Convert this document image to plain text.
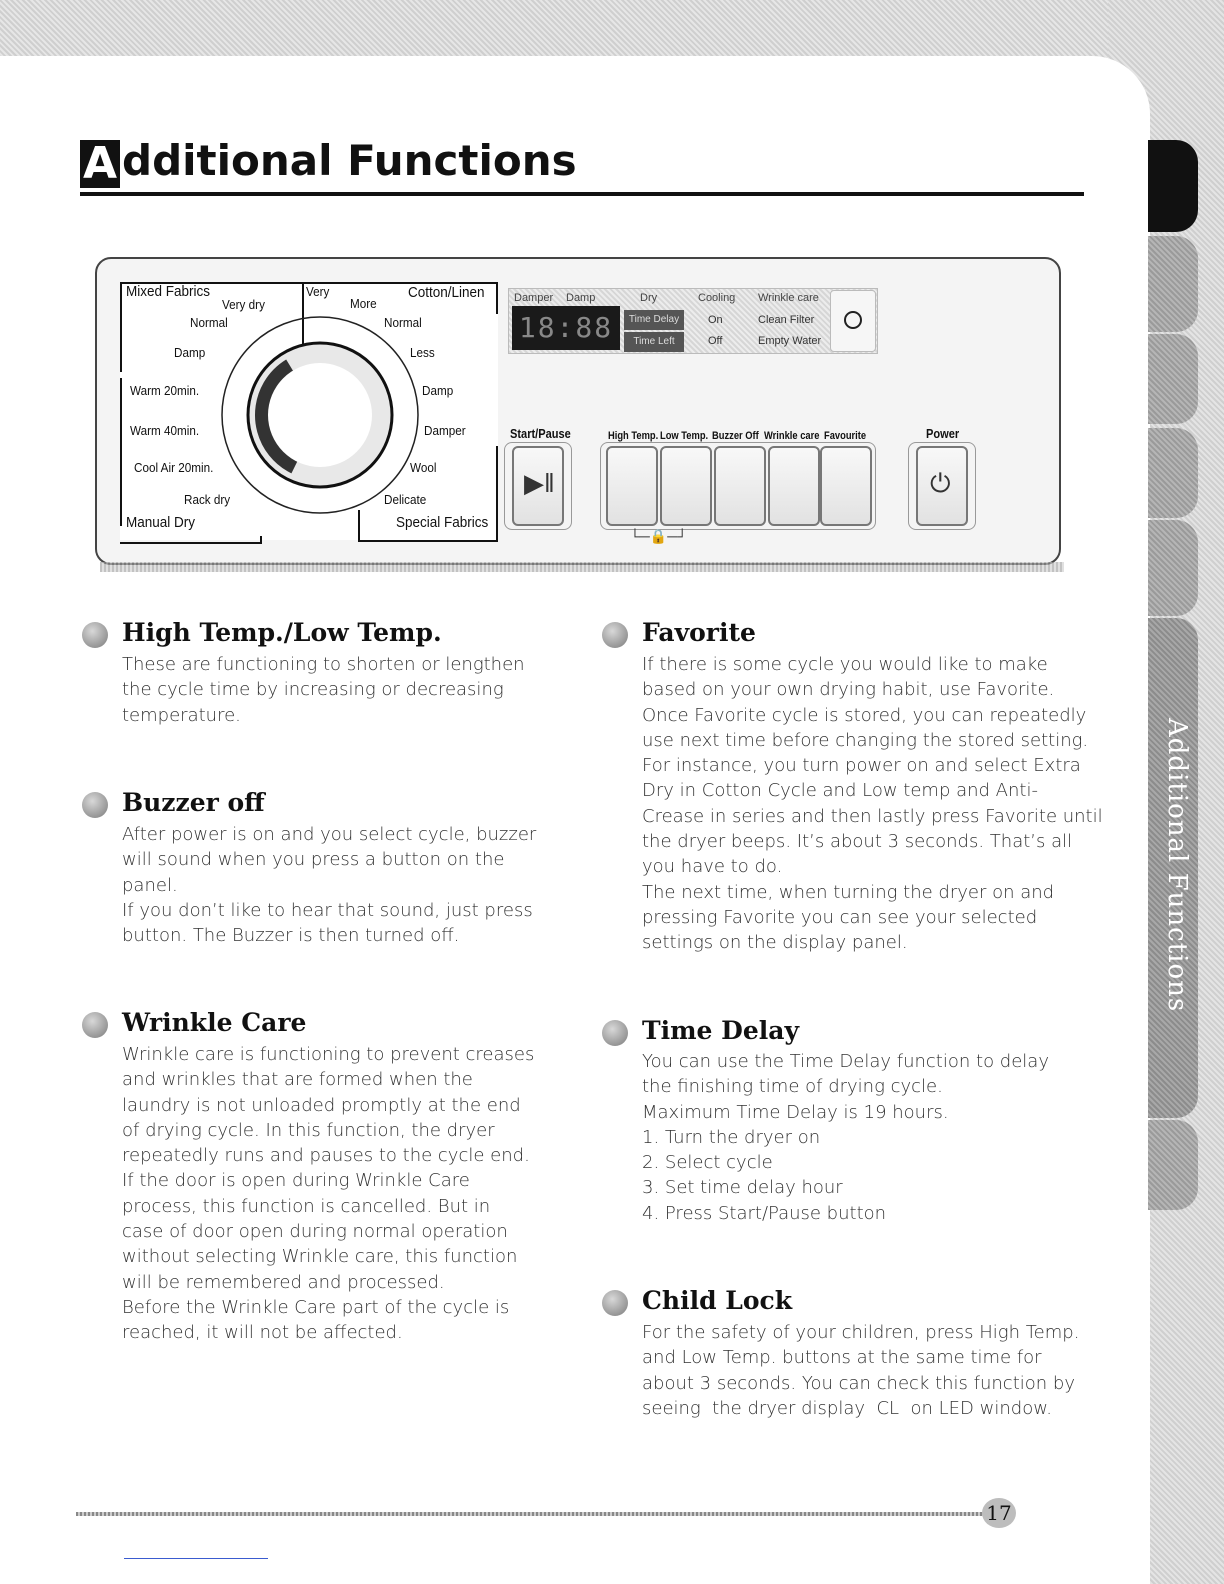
Additional Functions
A dditional Functions
Mixed Fabrics
Very dry
Normal
Damp
Warm 20min.
Warm 40min.
Cool Air 20min.
Rack dry
Manual Dry
Very
More
Cotton/Linen
Normal
Less
Damp
Damper
Wool
Delicate
Special Fabrics
Damper Damp	Dry	Cooling Wrinkle care
18:88	Time Delay
Time Left
On
Off
Clean Filter
Empty Water
Start/Pause	High Temp. Low Temp. Buzzer Off Wrinkle care Favourite	Power
▶‖	⏻
└─🔒─┘
High Temp./Low Temp.
These are functioning to shorten or lengthen
the cycle time by increasing or decreasing
temperature.
Buzzer off
After power is on and you select cycle, buzzer
will sound when you press a button on the
panel.
If you don’t like to hear that sound, just press
button. The Buzzer is then turned off.
Wrinkle Care
Wrinkle care is functioning to prevent creases
and wrinkles that are formed when the
laundry is not unloaded promptly at the end
of drying cycle. In this function, the dryer
repeatedly runs and pauses to the cycle end.
If the door is open during Wrinkle Care
process, this function is cancelled. But in
case of door open during normal operation
without selecting Wrinkle care, this function
will be remembered and processed.
Before the Wrinkle Care part of the cycle is
reached, it will not be affected.
Favorite
If there is some cycle you would like to make
based on your own drying habit, use Favorite.
Once Favorite cycle is stored, you can repeatedly
use next time before changing the stored setting.
For instance, you turn power on and select Extra
Dry in Cotton Cycle and Low temp and Anti-
Crease in series and then lastly press Favorite until
the dryer beeps. It’s about 3 seconds. That’s all
you have to do.
The next time, when turning the dryer on and
pressing Favorite you can see your selected
settings on the display panel.
Time Delay
You can use the Time Delay function to delay
the finishing time of drying cycle.
Maximum Time Delay is 19 hours.
1. Turn the dryer on
2. Select cycle
3. Set time delay hour
4. Press Start/Pause button
Child Lock
For the safety of your children, press High Temp.
and Low Temp. buttons at the same time for
about 3 seconds. You can check this function by
seeing  the dryer display  CL  on LED window.
17
